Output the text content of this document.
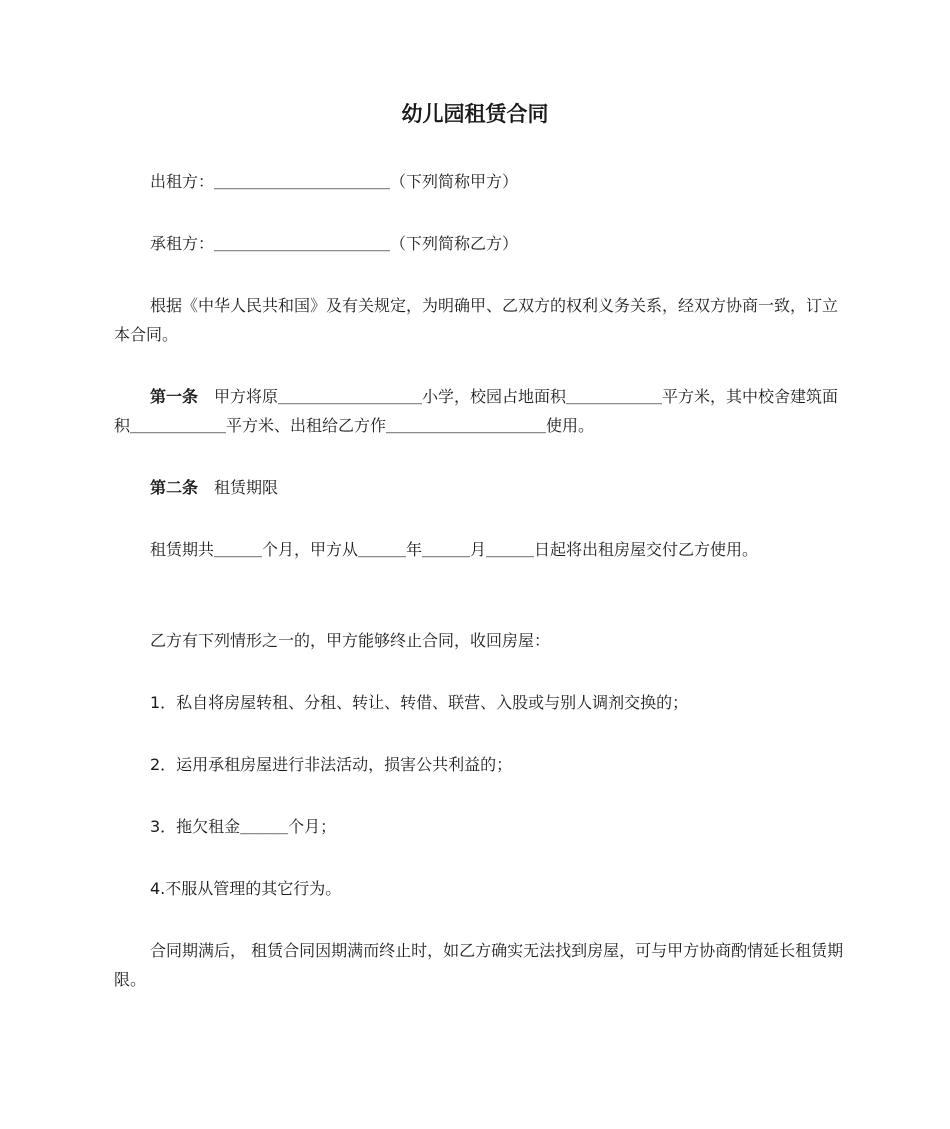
幼儿园租赁合同

出租方：＿＿＿＿＿＿＿＿＿＿＿（下列简称甲方）

承租方：＿＿＿＿＿＿＿＿＿＿＿（下列简称乙方）

根据《中华人民共和国》及有关规定，为明确甲、乙双方的权利义务关系，经双方协商一致，订立本合同。

第一条　 甲方将原＿＿＿＿＿＿＿＿＿小学，校园占地面积＿＿＿＿＿＿平方米，其中校舍建筑面积＿＿＿＿＿＿平方米、出租给乙方作＿＿＿＿＿＿＿＿＿＿使用。

第二条　 租赁期限

租赁期共＿＿＿个月，甲方从＿＿＿年＿＿＿月＿＿＿日起将出租房屋交付乙方使用。

乙方有下列情形之一的，甲方能够终止合同，收回房屋：

1．私自将房屋转租、分租、转让、转借、联营、入股或与别人调剂交换的；

2．运用承租房屋进行非法活动，损害公共利益的；

3．拖欠租金＿＿＿个月；

4.不服从管理的其它行为。

合同期满后， 租赁合同因期满而终止时，如乙方确实无法找到房屋，可与甲方协商酌情延长租赁期限。
